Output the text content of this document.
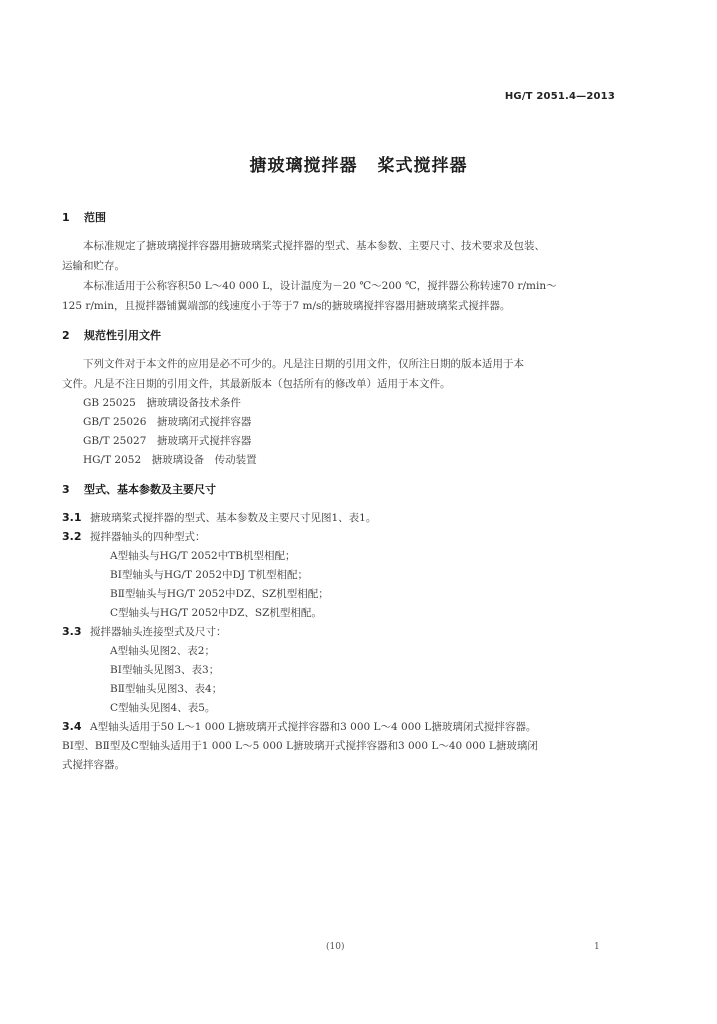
HG/T 2051.4—2013
搪玻璃搅拌器 桨式搅拌器
1 范围
本标准规定了搪玻璃搅拌容器用搪玻璃桨式搅拌器的型式、基本参数、主要尺寸、技术要求及包装、
运输和贮存。
本标准适用于公称容积50 L～40 000 L，设计温度为－20 ℃～200 ℃，搅拌器公称转速70 r/min～
125 r/min，且搅拌器铺翼端部的线速度小于等于7 m/s的搪玻璃搅拌容器用搪玻璃桨式搅拌器。
2 规范性引用文件
下列文件对于本文件的应用是必不可少的。凡是注日期的引用文件，仅所注日期的版本适用于本
文件。凡是不注日期的引用文件，其最新版本（包括所有的修改单）适用于本文件。
GB 25025　搪玻璃设备技术条件
GB/T 25026　搪玻璃闭式搅拌容器
GB/T 25027　搪玻璃开式搅拌容器
HG/T 2052　搪玻璃设备　传动装置
3 型式、基本参数及主要尺寸
3.1 搪玻璃桨式搅拌器的型式、基本参数及主要尺寸见图1、表1。
3.2 搅拌器轴头的四种型式：
A型轴头与HG/T 2052中TB机型相配；
BⅠ型轴头与HG/T 2052中DJ T机型相配；
BⅡ型轴头与HG/T 2052中DZ、SZ机型相配；
C型轴头与HG/T 2052中DZ、SZ机型相配。
3.3 搅拌器轴头连接型式及尺寸：
A型轴头见图2、表2；
BⅠ型轴头见图3、表3；
BⅡ型轴头见图3、表4；
C型轴头见图4、表5。
3.4 A型轴头适用于50 L～1 000 L搪玻璃开式搅拌容器和3 000 L～4 000 L搪玻璃闭式搅拌容器。
BⅠ型、BⅡ型及C型轴头适用于1 000 L～5 000 L搪玻璃开式搅拌容器和3 000 L～40 000 L搪玻璃闭
式搅拌容器。
(10)	1
